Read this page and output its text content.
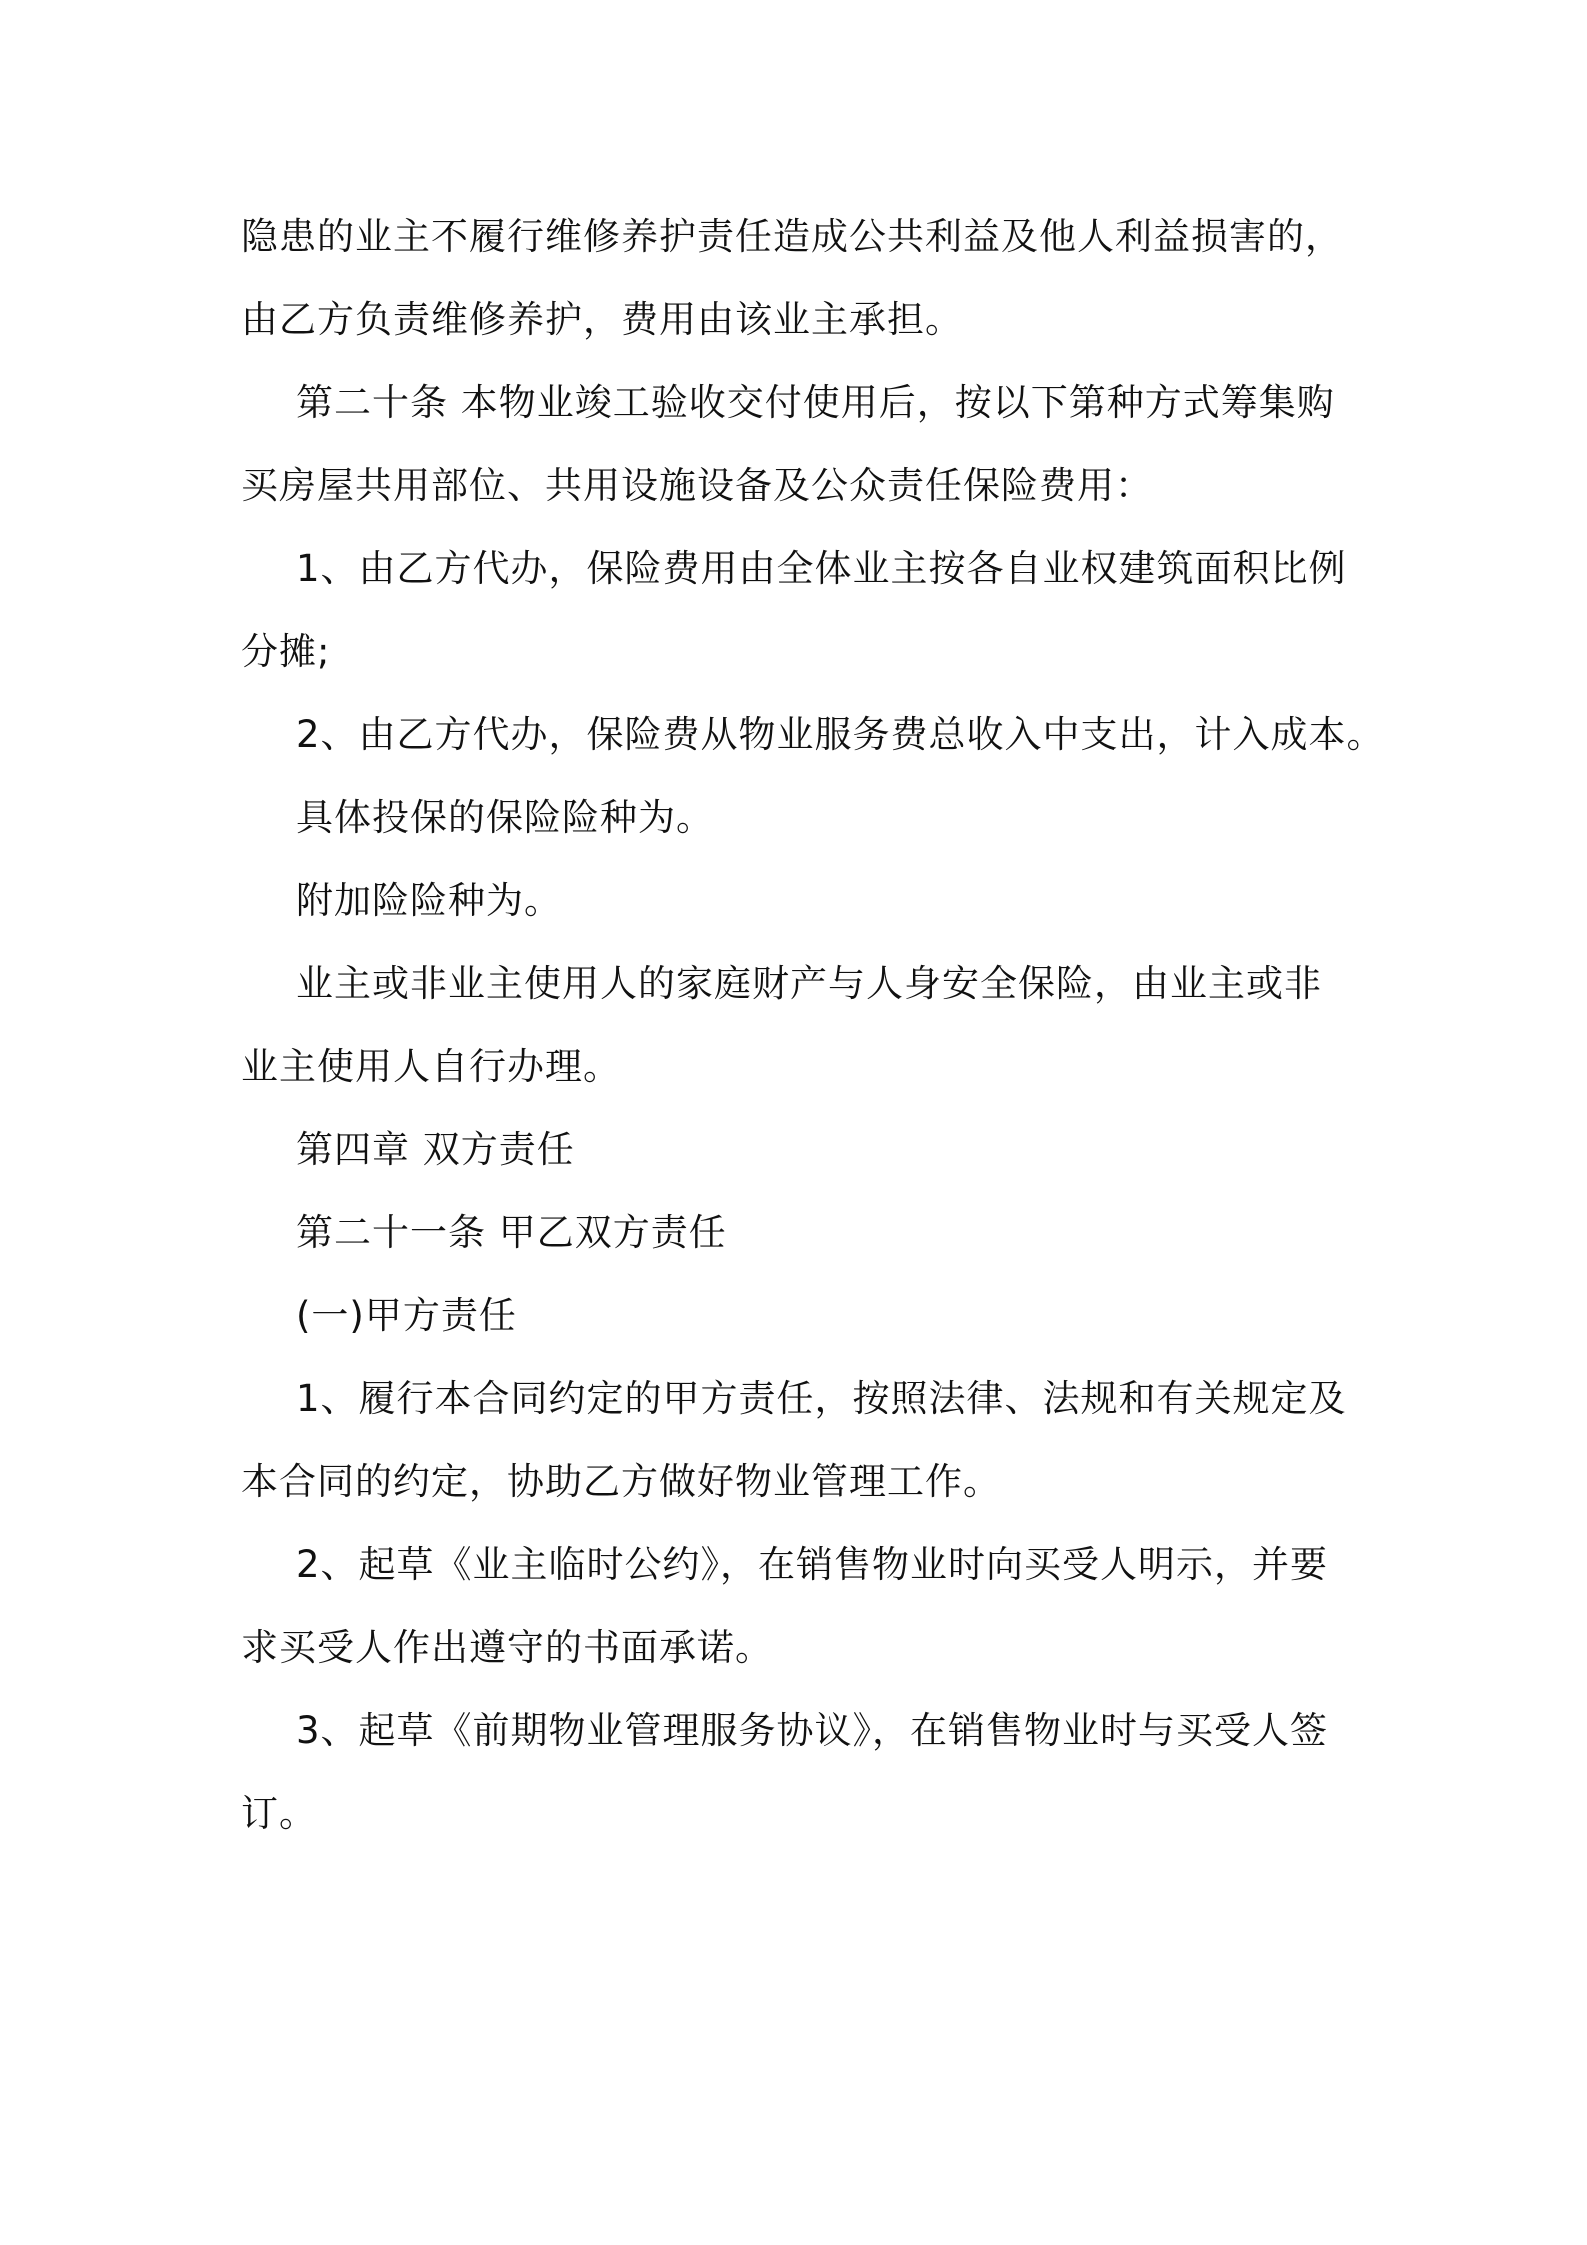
隐患的业主不履行维修养护责任造成公共利益及他人利益损害的，
由乙方负责维修养护，费用由该业主承担。
第二十条 本物业竣工验收交付使用后，按以下第种方式筹集购
买房屋共用部位、共用设施设备及公众责任保险费用：
1、由乙方代办，保险费用由全体业主按各自业权建筑面积比例
分摊;
2、由乙方代办，保险费从物业服务费总收入中支出，计入成本。
具体投保的保险险种为。
附加险险种为。
业主或非业主使用人的家庭财产与人身安全保险，由业主或非
业主使用人自行办理。
第四章 双方责任
第二十一条 甲乙双方责任
(一)甲方责任
1、履行本合同约定的甲方责任，按照法律、法规和有关规定及
本合同的约定，协助乙方做好物业管理工作。
2、起草《业主临时公约》，在销售物业时向买受人明示，并要
求买受人作出遵守的书面承诺。
3、起草《前期物业管理服务协议》，在销售物业时与买受人签
订。
